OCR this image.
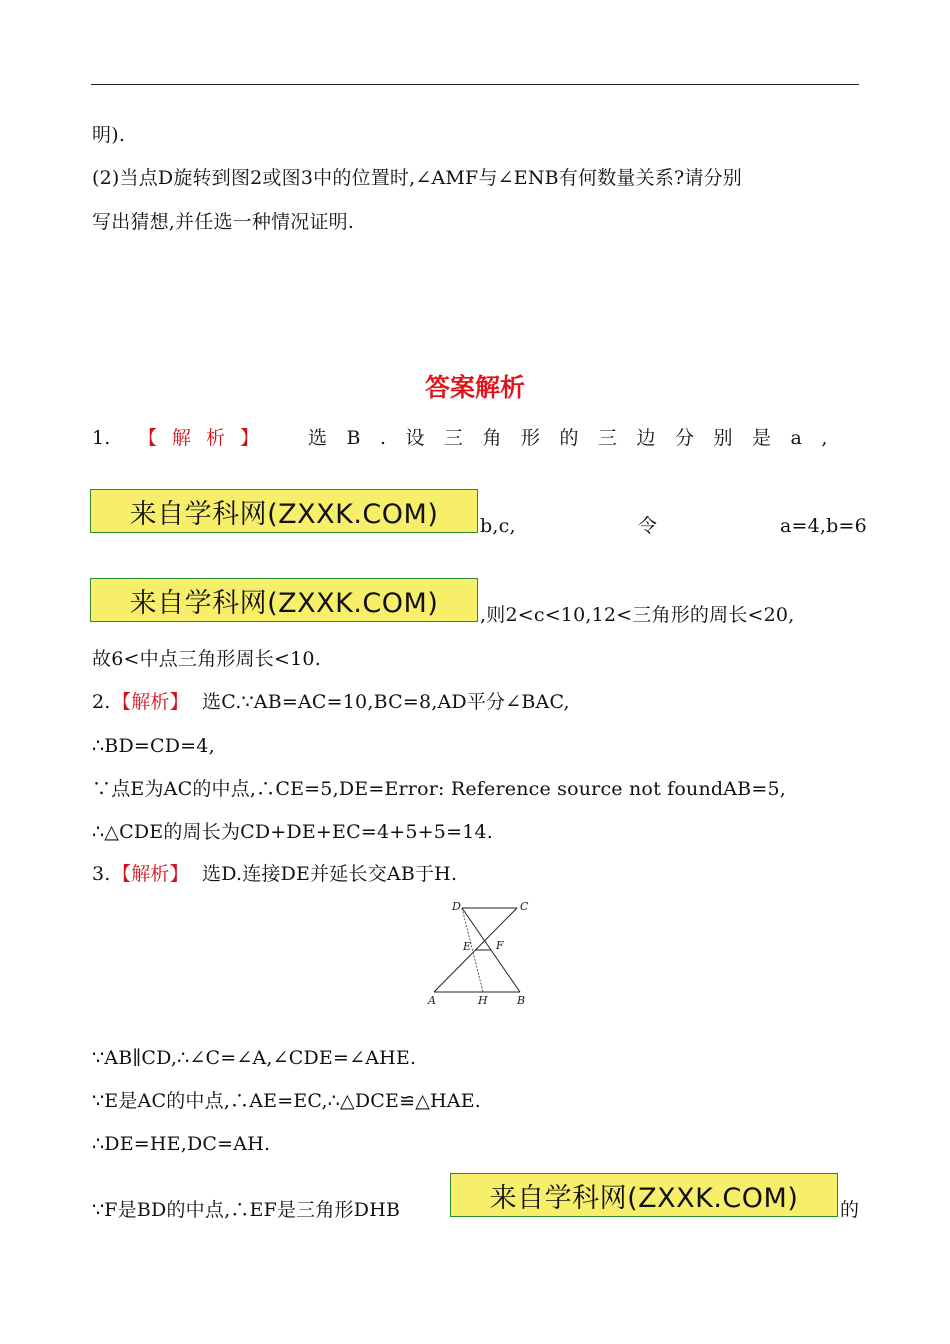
明).
(2)当点D旋转到图2或图3中的位置时,∠AMF与∠ENB有何数量关系?请分别
写出猜想,并任选一种情况证明.
答案解析
1. 【解析】 选B.设三角形的三边分别是a,
来自学科网(ZXXK.COM)	b,c,	令	a=4,b=6
来自学科网(ZXXK.COM)	,则2<c<10,12<三角形的周长<20,
故6<中点三角形周长<10.
2. 【解析】 选C.∵AB=AC=10,BC=8,AD平分∠BAC,
∴BD=CD=4,
∵点E为AC的中点,∴CE=5,DE=Error: Reference source not foundAB=5,
∴△CDE的周长为CD+DE+EC=4+5+5=14.
3. 【解析】 选D.连接DE并延长交AB于H.
D	C
E F
A	H	B
∵AB∥CD,∴∠C=∠A,∠CDE=∠AHE.
∵E是AC的中点,∴AE=EC,∴△DCE≌△HAE.
∴DE=HE,DC=AH.
∵F是BD的中点,∴EF是三角形DHB	来自学科网(ZXXK.COM)	的
